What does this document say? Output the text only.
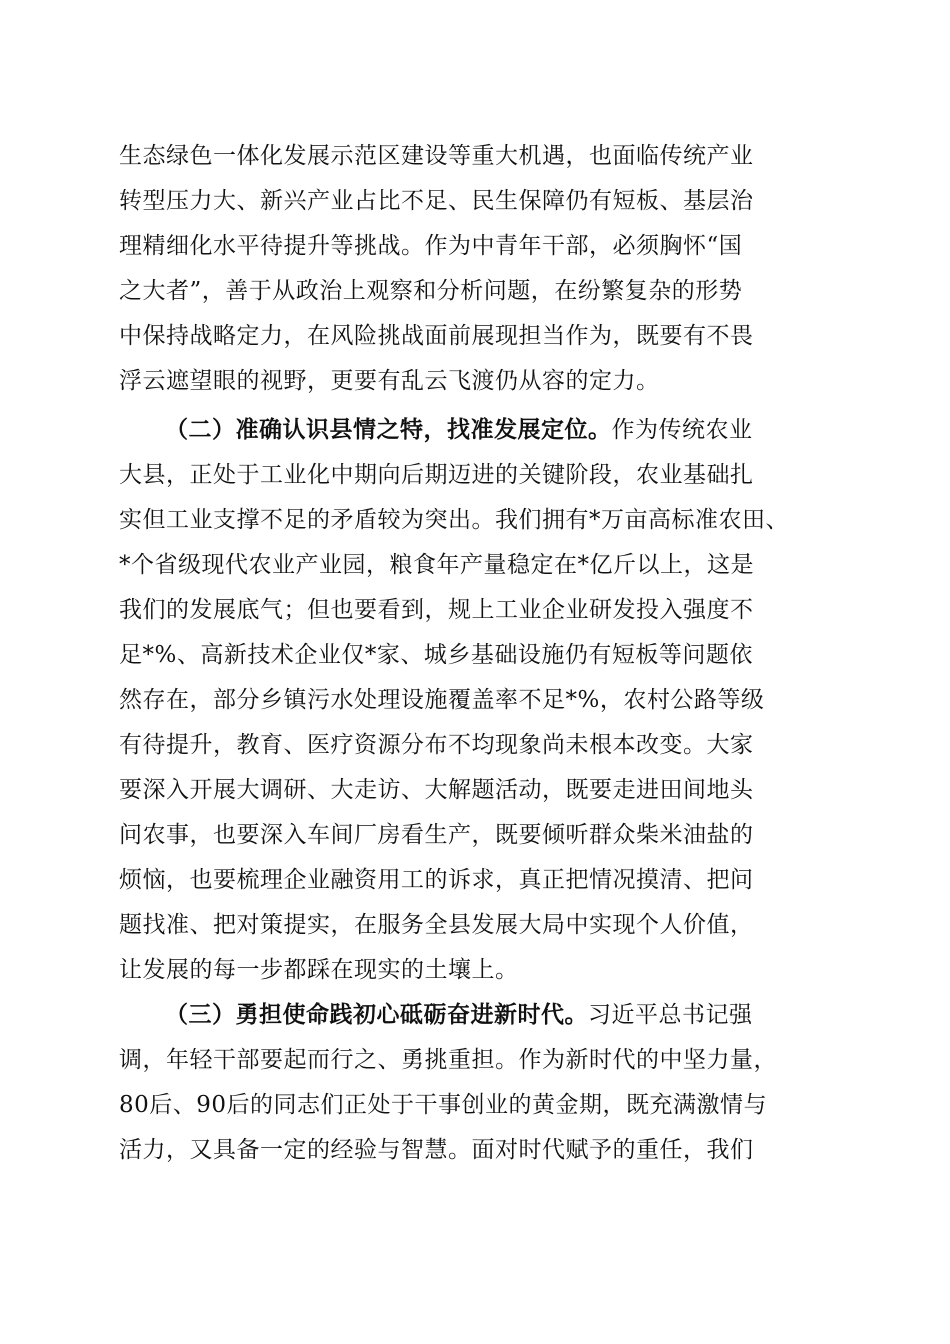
生态绿色一体化发展示范区建设等重大机遇，也面临传统产业
转型压力大、新兴产业占比不足、民生保障仍有短板、基层治
理精细化水平待提升等挑战。作为中青年干部，必须胸怀“国
之大者”，善于从政治上观察和分析问题，在纷繁复杂的形势
中保持战略定力，在风险挑战面前展现担当作为，既要有不畏
浮云遮望眼的视野，更要有乱云飞渡仍从容的定力。
（二）准确认识县情之特，找准发展定位。作为传统农业
大县，正处于工业化中期向后期迈进的关键阶段，农业基础扎
实但工业支撑不足的矛盾较为突出。我们拥有*万亩高标准农田、
*个省级现代农业产业园，粮食年产量稳定在*亿斤以上，这是
我们的发展底气；但也要看到，规上工业企业研发投入强度不
足*%、高新技术企业仅*家、城乡基础设施仍有短板等问题依
然存在，部分乡镇污水处理设施覆盖率不足*%，农村公路等级
有待提升，教育、医疗资源分布不均现象尚未根本改变。大家
要深入开展大调研、大走访、大解题活动，既要走进田间地头
问农事，也要深入车间厂房看生产，既要倾听群众柴米油盐的
烦恼，也要梳理企业融资用工的诉求，真正把情况摸清、把问
题找准、把对策提实，在服务全县发展大局中实现个人价值，
让发展的每一步都踩在现实的土壤上。
（三）勇担使命践初心砥砺奋进新时代。习近平总书记强
调，年轻干部要起而行之、勇挑重担。作为新时代的中坚力量，
80后、90后的同志们正处于干事创业的黄金期，既充满激情与
活力，又具备一定的经验与智慧。面对时代赋予的重任，我们
